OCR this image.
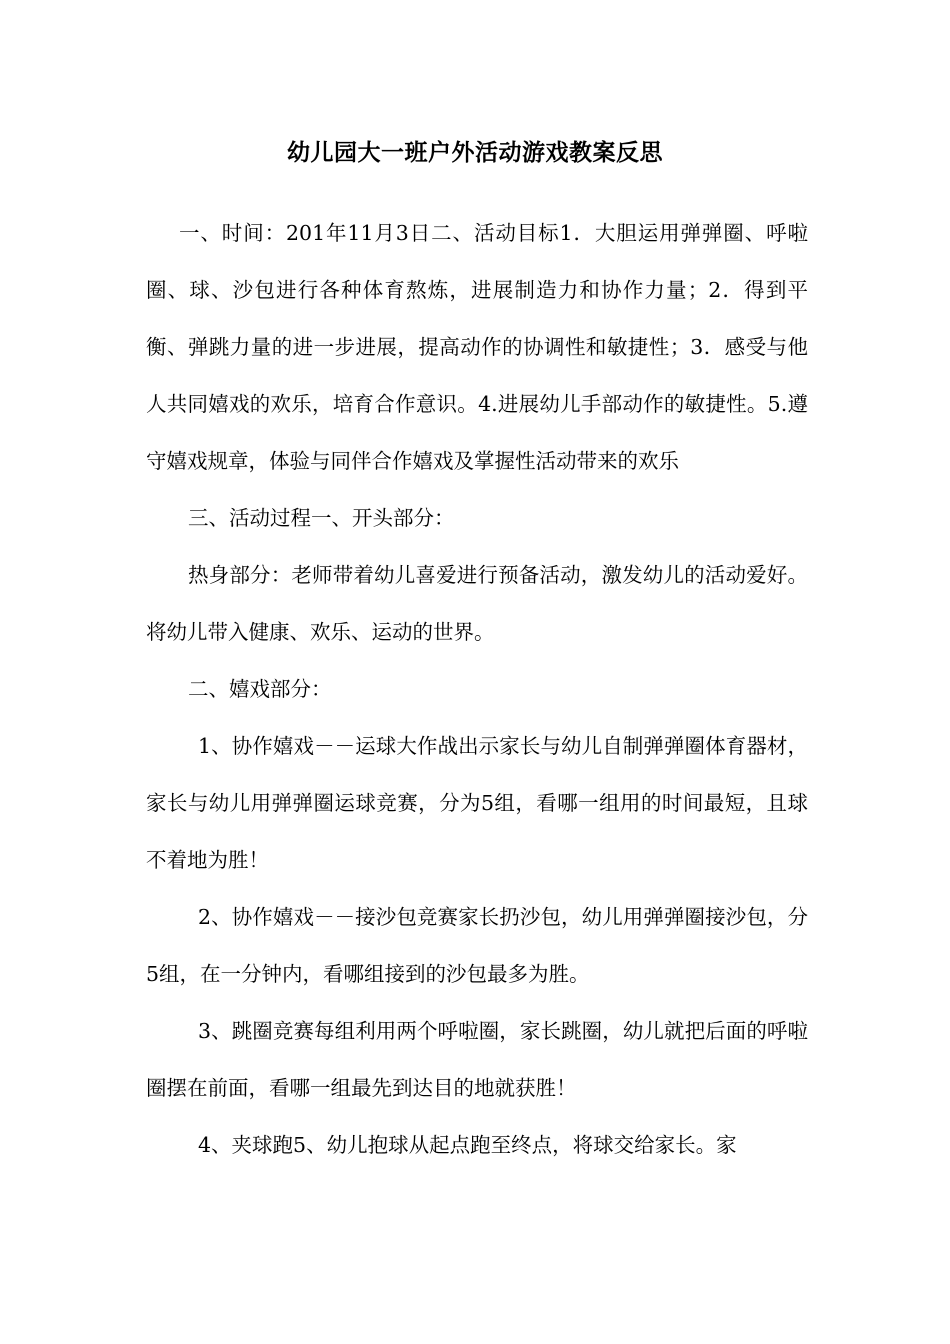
幼儿园大一班户外活动游戏教案反思

一、时间：201年11月3日二、活动目标1．大胆运用弹弹圈、呼啦圈、球、沙包进行各种体育熬炼，进展制造力和协作力量；2．得到平衡、弹跳力量的进一步进展，提高动作的协调性和敏捷性；3．感受与他人共同嬉戏的欢乐，培育合作意识。4.进展幼儿手部动作的敏捷性。5.遵守嬉戏规章，体验与同伴合作嬉戏及掌握性活动带来的欢乐

三、活动过程一、开头部分：

热身部分：老师带着幼儿喜爱进行预备活动，激发幼儿的活动爱好。将幼儿带入健康、欢乐、运动的世界。

二、嬉戏部分：

1、协作嬉戏－－运球大作战出示家长与幼儿自制弹弹圈体育器材，家长与幼儿用弹弹圈运球竞赛，分为5组，看哪一组用的时间最短，且球不着地为胜！

2、协作嬉戏－－接沙包竞赛家长扔沙包，幼儿用弹弹圈接沙包，分5组，在一分钟内，看哪组接到的沙包最多为胜。

3、跳圈竞赛每组利用两个呼啦圈，家长跳圈，幼儿就把后面的呼啦圈摆在前面，看哪一组最先到达目的地就获胜！

4、夹球跑5、幼儿抱球从起点跑至终点，将球交给家长。家
